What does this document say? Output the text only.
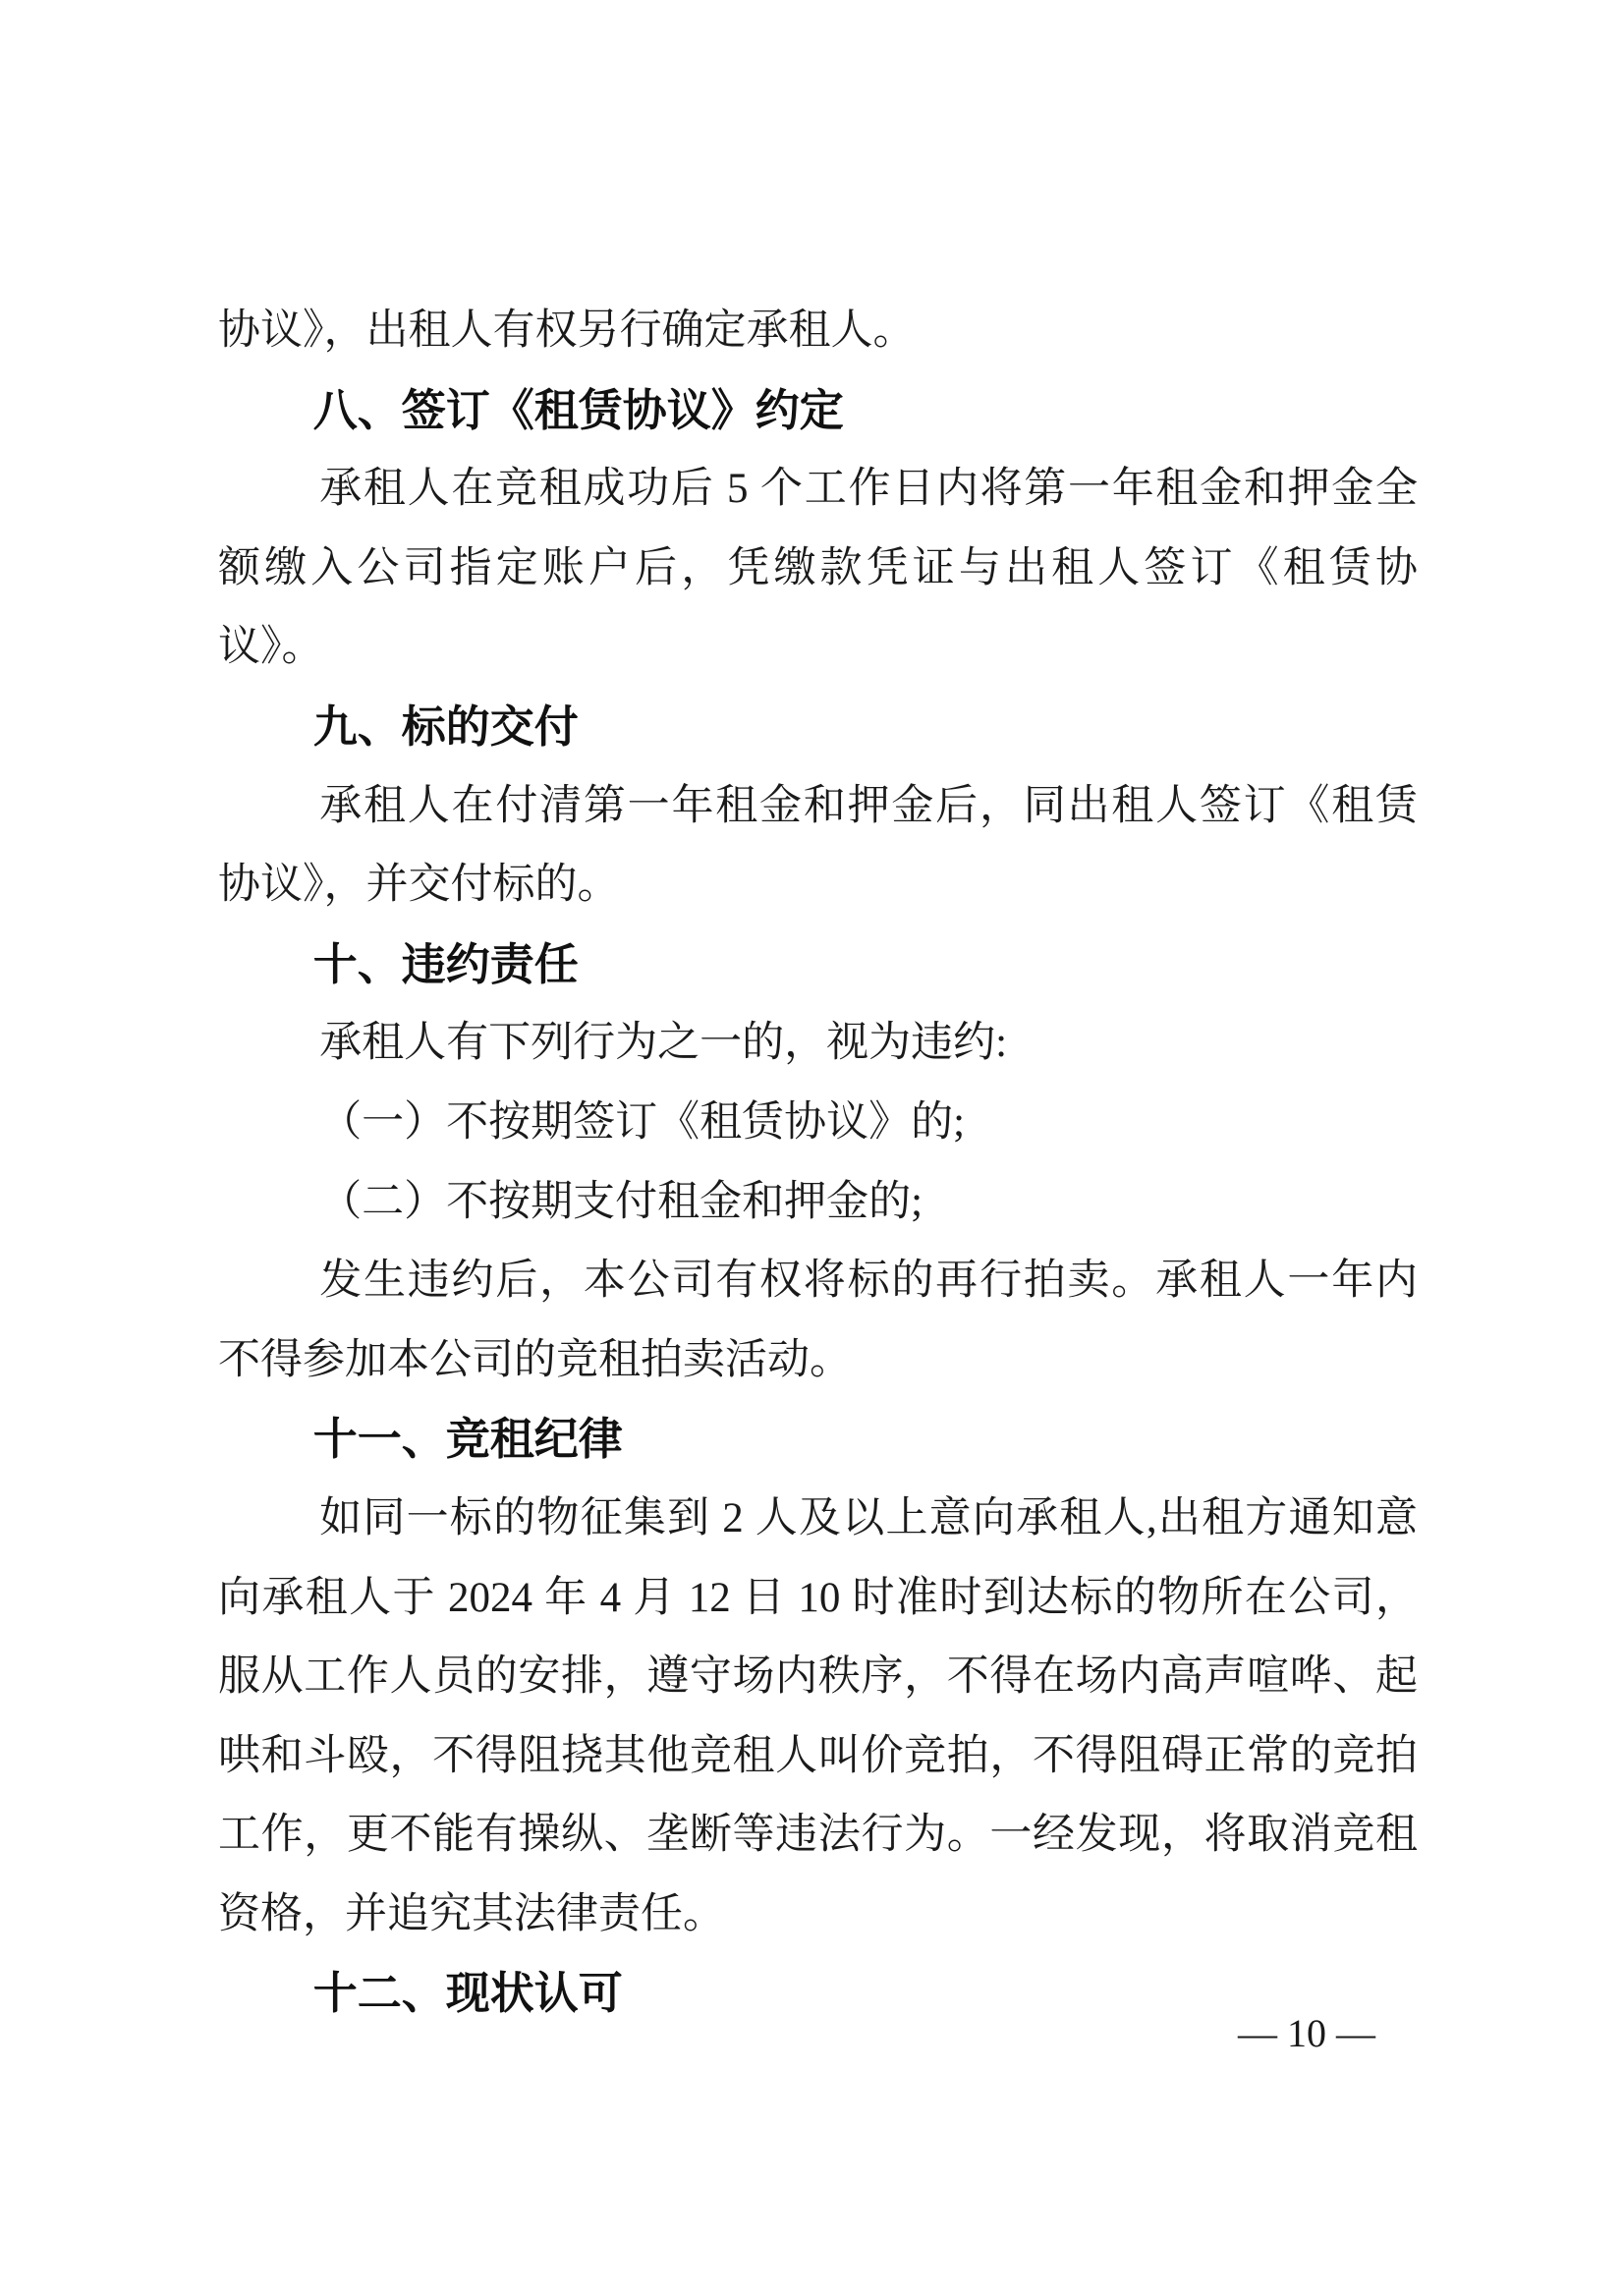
协议》，出租人有权另行确定承租人。
八、签订《租赁协议》约定
承租人在竞租成功后 5 个工作日内将第一年租金和押金全额缴入公司指定账户后，凭缴款凭证与出租人签订《租赁协议》。
九、标的交付
承租人在付清第一年租金和押金后，同出租人签订《租赁协议》，并交付标的。
十、违约责任
承租人有下列行为之一的，视为违约:
（一）不按期签订《租赁协议》的;
（二）不按期支付租金和押金的;
发生违约后，本公司有权将标的再行拍卖。承租人一年内不得参加本公司的竞租拍卖活动。
十一、竞租纪律
如同一标的物征集到 2 人及以上意向承租人,出租方通知意向承租人于 2024 年 4 月 12 日 10 时准时到达标的物所在公司，服从工作人员的安排，遵守场内秩序，不得在场内高声喧哗、起哄和斗殴，不得阻挠其他竞租人叫价竞拍，不得阻碍正常的竞拍工作，更不能有操纵、垄断等违法行为。一经发现，将取消竞租资格，并追究其法律责任。
十二、现状认可
— 10 —
